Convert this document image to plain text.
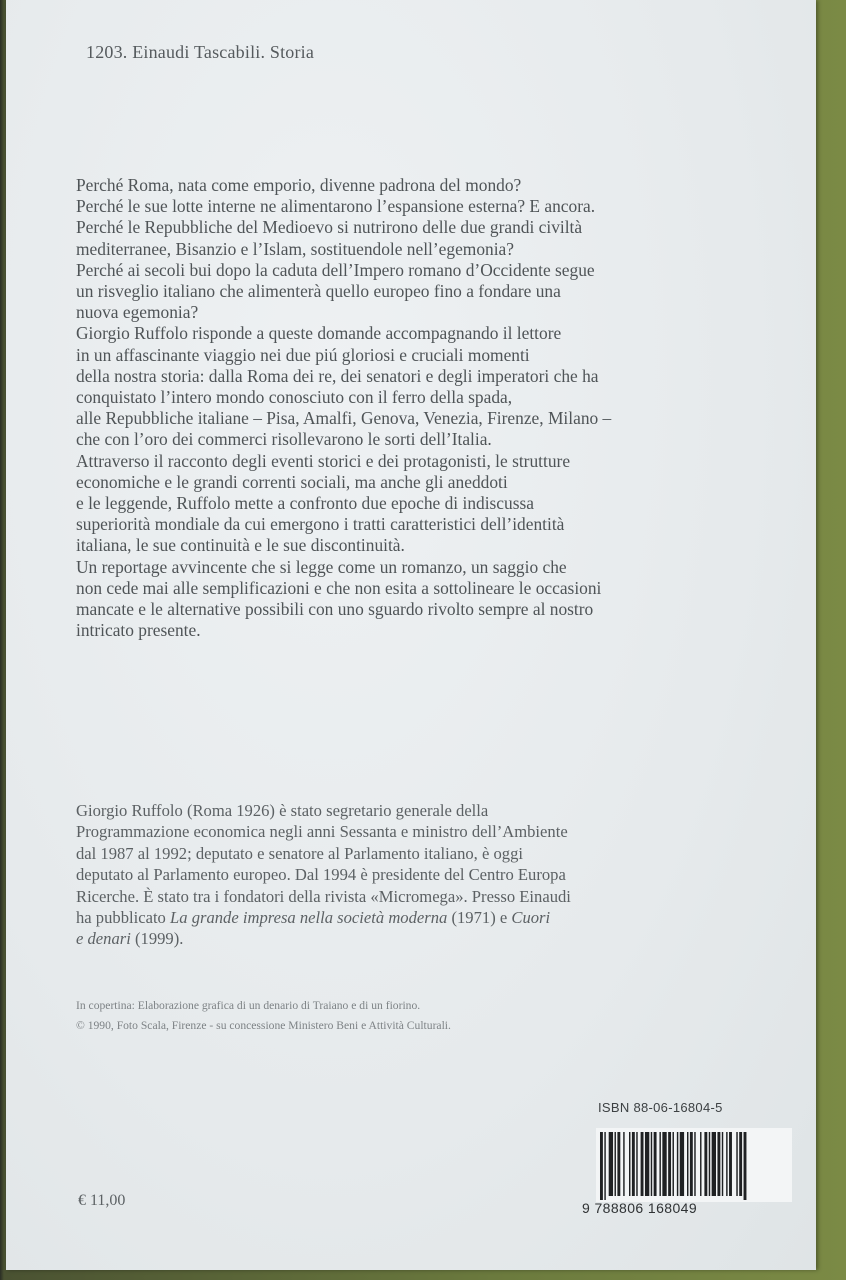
1203. Einaudi Tascabili. Storia

Perché Roma, nata come emporio, divenne padrona del mondo?
Perché le sue lotte interne ne alimentarono l’espansione esterna? E ancora.
Perché le Repubbliche del Medioevo si nutrirono delle due grandi civiltà
mediterranee, Bisanzio e l’Islam, sostituendole nell’egemonia?
Perché ai secoli bui dopo la caduta dell’Impero romano d’Occidente segue
un risveglio italiano che alimenterà quello europeo fino a fondare una
nuova egemonia?
Giorgio Ruffolo risponde a queste domande accompagnando il lettore
in un affascinante viaggio nei due piú gloriosi e cruciali momenti
della nostra storia: dalla Roma dei re, dei senatori e degli imperatori che ha
conquistato l’intero mondo conosciuto con il ferro della spada,
alle Repubbliche italiane – Pisa, Amalfi, Genova, Venezia, Firenze, Milano –
che con l’oro dei commerci risollevarono le sorti dell’Italia.
Attraverso il racconto degli eventi storici e dei protagonisti, le strutture
economiche e le grandi correnti sociali, ma anche gli aneddoti
e le leggende, Ruffolo mette a confronto due epoche di indiscussa
superiorità mondiale da cui emergono i tratti caratteristici dell’identità
italiana, le sue continuità e le sue discontinuità.
Un reportage avvincente che si legge come un romanzo, un saggio che
non cede mai alle semplificazioni e che non esita a sottolineare le occasioni
mancate e le alternative possibili con uno sguardo rivolto sempre al nostro
intricato presente.

Giorgio Ruffolo (Roma 1926) è stato segretario generale della
Programmazione economica negli anni Sessanta e ministro dell’Ambiente
dal 1987 al 1992; deputato e senatore al Parlamento italiano, è oggi
deputato al Parlamento europeo. Dal 1994 è presidente del Centro Europa
Ricerche. È stato tra i fondatori della rivista «Micromega». Presso Einaudi
ha pubblicato La grande impresa nella società moderna (1971) e Cuori
e denari (1999).

In copertina: Elaborazione grafica di un denario di Traiano e di un fiorino.
© 1990, Foto Scala, Firenze - su concessione Ministero Beni e Attività Culturali.
ISBN 88-06-16804-5
9 788806 168049
€ 11,00
